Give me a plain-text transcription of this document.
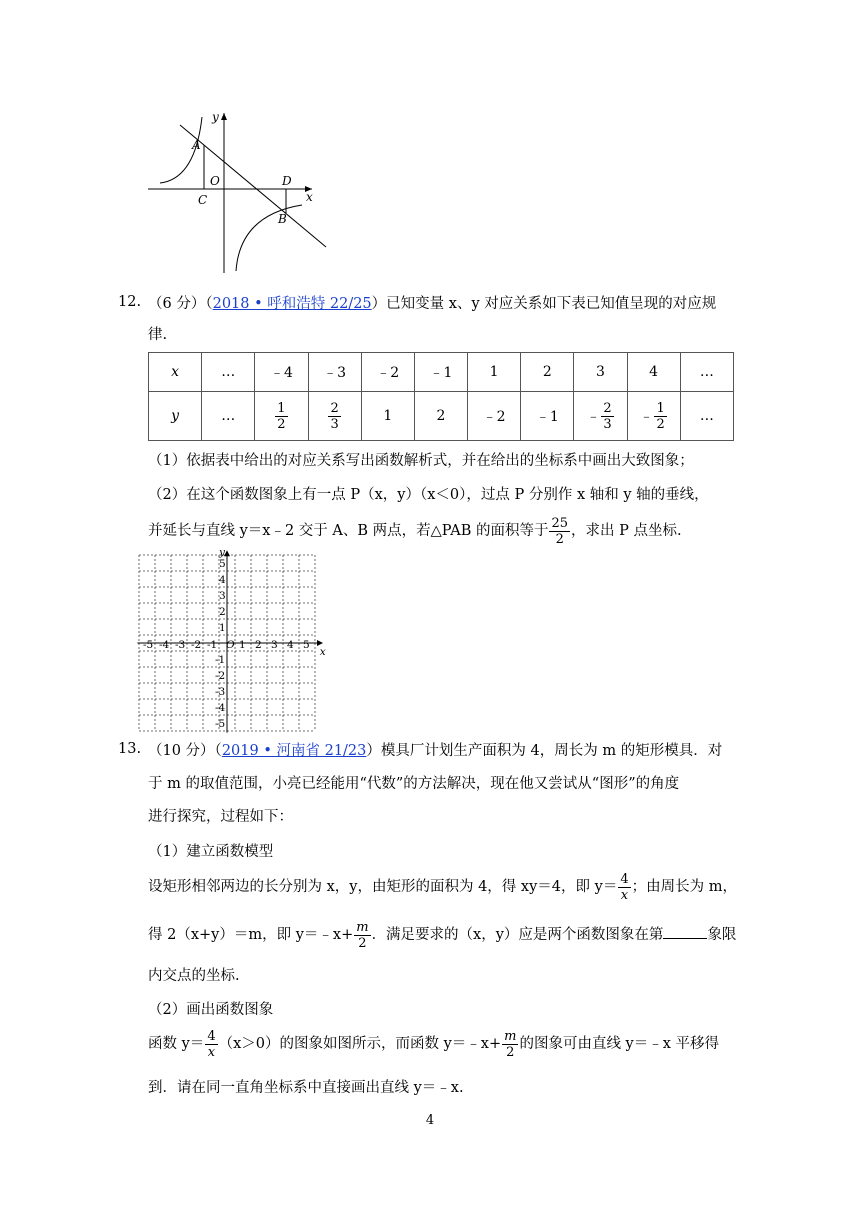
y
x
A
O
C
D
B
12. （6 分）（2018 • 呼和浩特 22/25）已知变量 x、y 对应关系如下表已知值呈现的对应规
律.
x	…	﹣4	﹣3	﹣2	﹣1	1	2	3	4	…
y	…	$\frac{1}{2}$	$\frac{2}{3}$	1	2	﹣2	﹣1	﹣ $\frac{2}{3}$	﹣ $\frac{1}{2}$	…
（1）依据表中给出的对应关系写出函数解析式，并在给出的坐标系中画出大致图象；
（2）在这个函数图象上有一点 P（x，y）（x＜0），过点 P 分别作 x 轴和 y 轴的垂线，
并延长与直线 y＝x﹣2 交于 A、B 两点，若△PAB 的面积等于 $\frac{25}{2}$ ，求出 P 点坐标.
-5 -4 -3 -2 -1 O 1 2 3 4 5
5
4
3
2
1
-1
-2
-3
-4
-5
x
y
13. （10 分）（2019 • 河南省 21/23）模具厂计划生产面积为 4，周长为 m 的矩形模具．对
于 m 的取值范围，小亮已经能用“代数”的方法解决，现在他又尝试从“图形”的角度
进行探究，过程如下：
（1）建立函数模型
设矩形相邻两边的长分别为 x，y，由矩形的面积为 4，得 xy＝4，即 $y= \frac{4}{x}$ ；由周长为 m，
得 2（x+y）＝m，即 y＝﹣x+ $\frac{m}{2}$ ．满足要求的（x，y）应是两个函数图象在第	象限
内交点的坐标.
（2）画出函数图象
函数 $y= \frac{4}{x} (x>0)$的图象如图所示，而函数 y＝﹣x+ $\frac{m}{2}$ 的图象可由直线 y＝﹣x 平移得
到．请在同一直角坐标系中直接画出直线 y＝﹣x.
4
